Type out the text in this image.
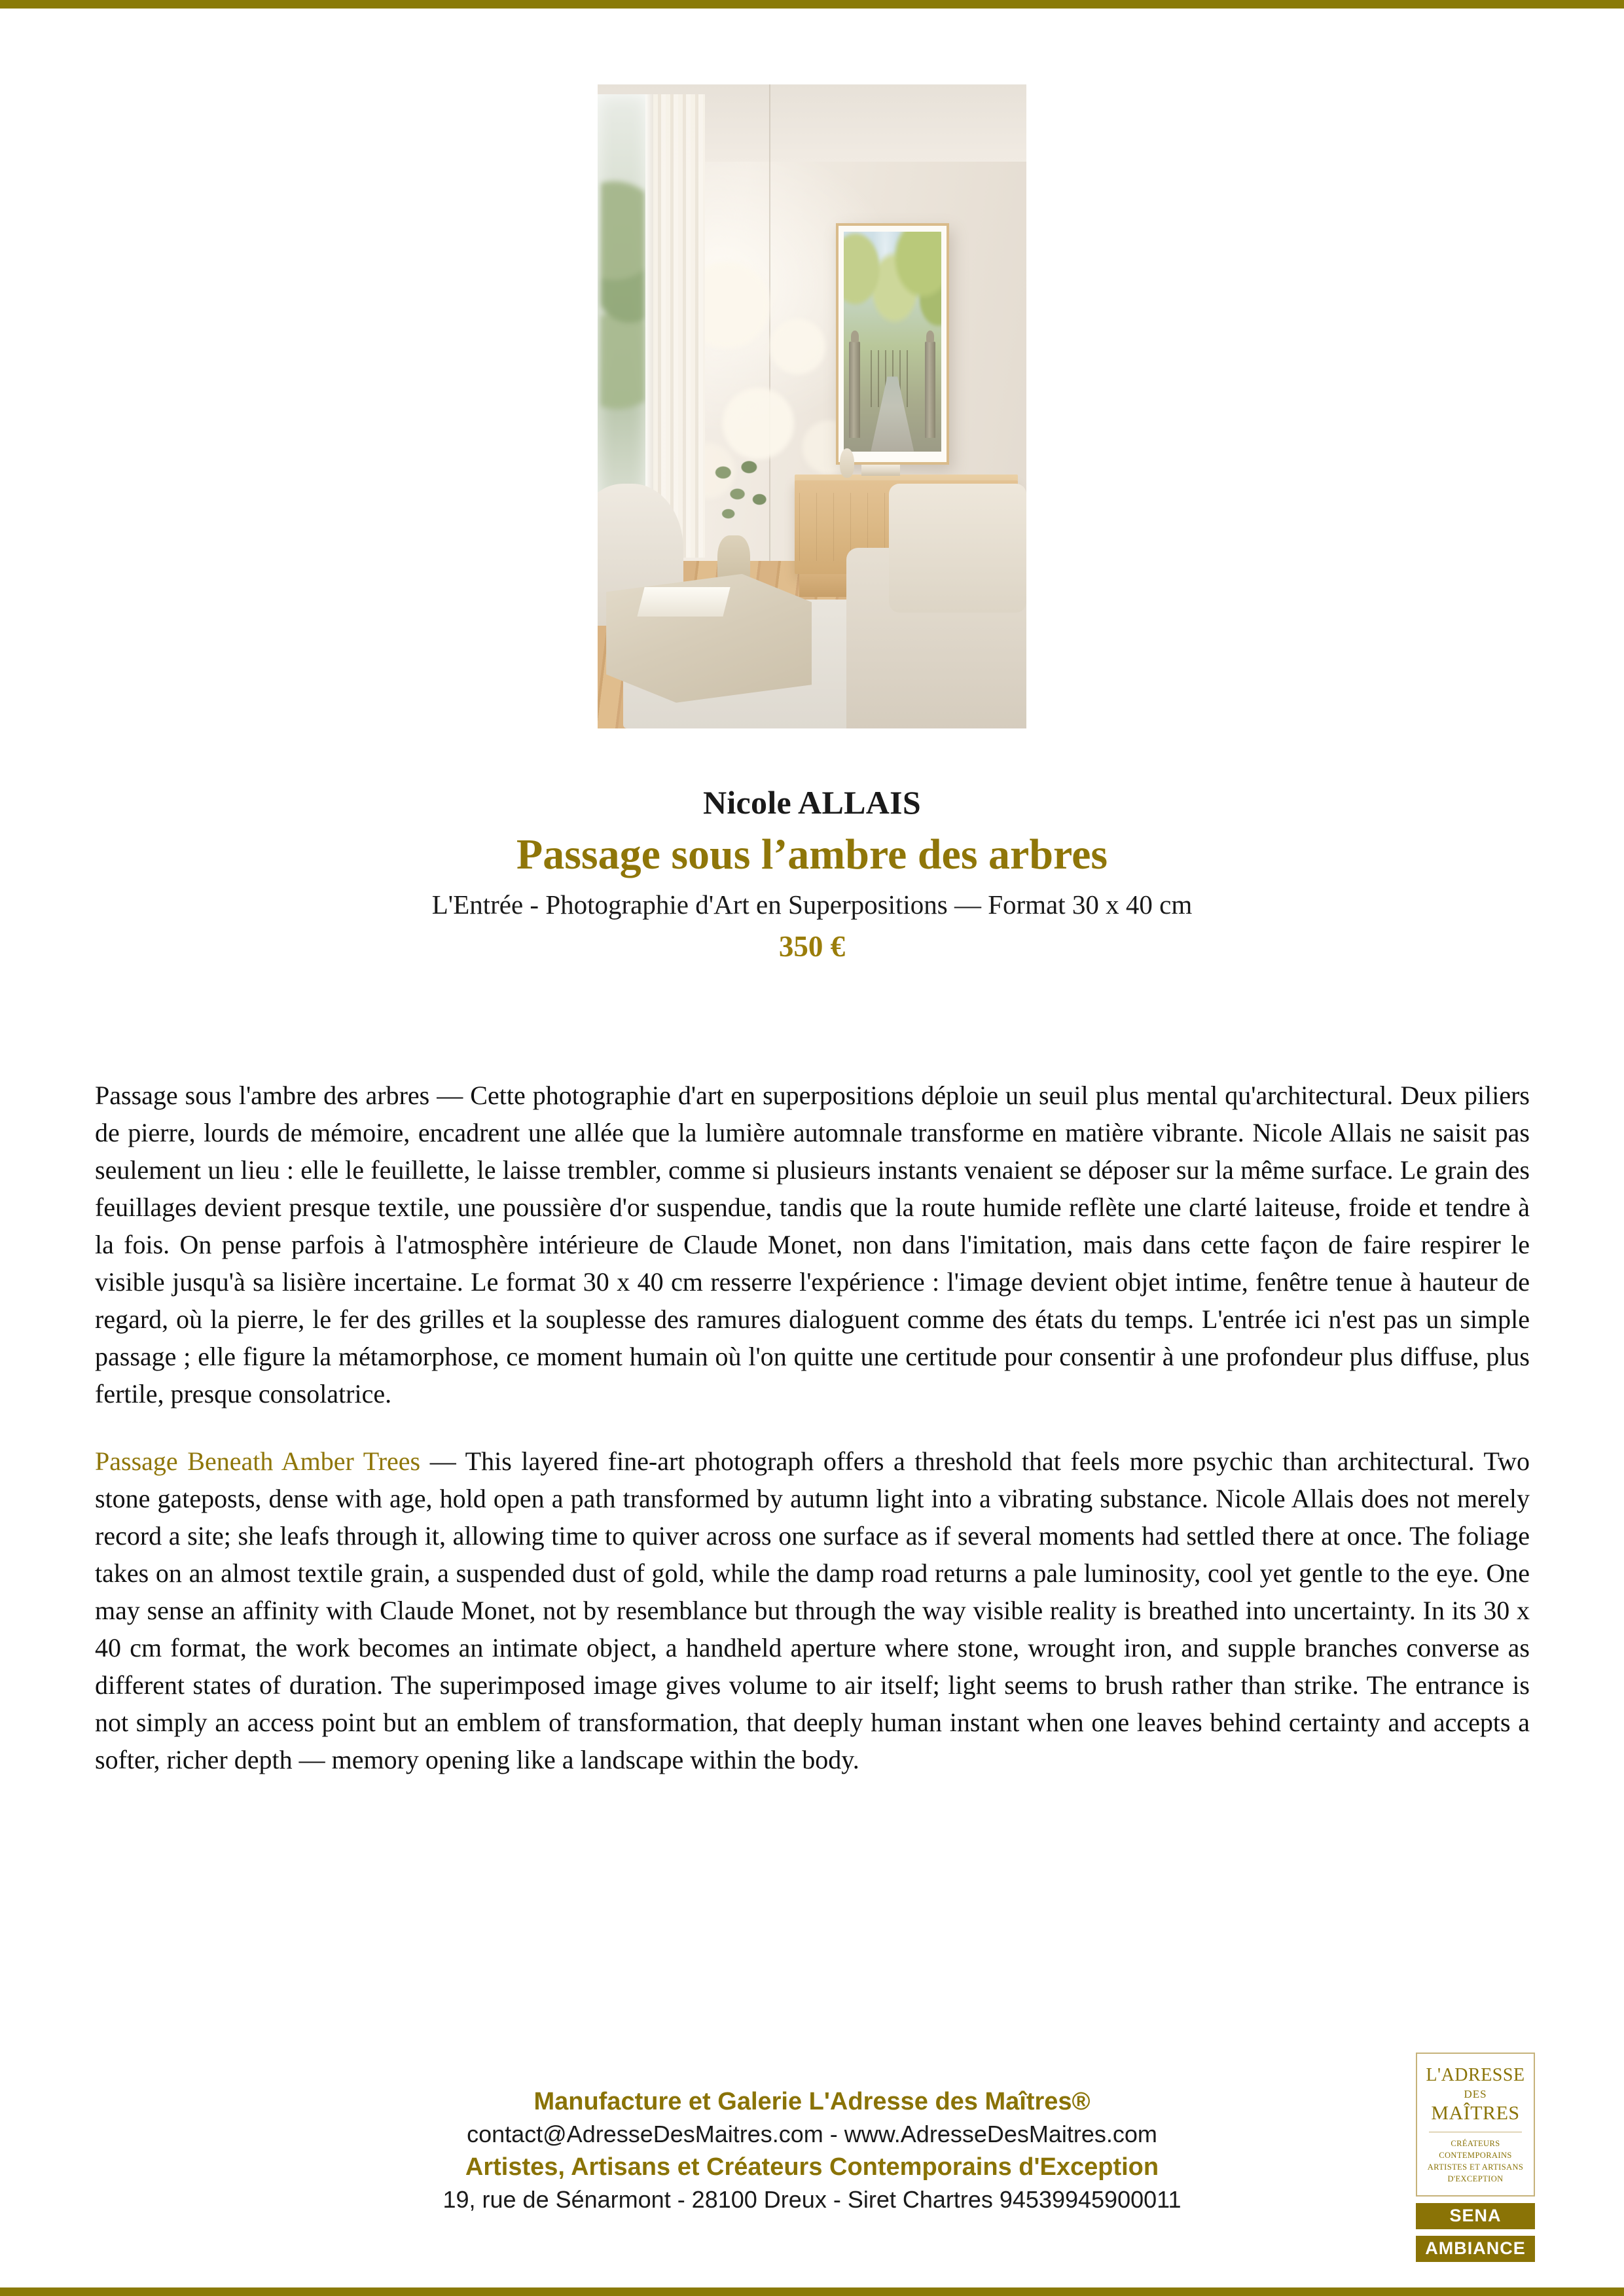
Nicole ALLAIS
Passage sous l’ambre des arbres

L'Entrée - Photographie d'Art en Superpositions — Format 30 x 40 cm

350 €

Passage sous l'ambre des arbres — Cette photographie d'art en superpositions déploie un seuil plus mental qu'architectural. Deux piliers de pierre, lourds de mémoire, encadrent une allée que la lumière automnale transforme en matière vibrante. Nicole Allais ne saisit pas seulement un lieu : elle le feuillette, le laisse trembler, comme si plusieurs instants venaient se déposer sur la même surface. Le grain des feuillages devient presque textile, une poussière d'or suspendue, tandis que la route humide reflète une clarté laiteuse, froide et tendre à la fois. On pense parfois à l'atmosphère intérieure de Claude Monet, non dans l'imitation, mais dans cette façon de faire respirer le visible jusqu'à sa lisière incertaine. Le format 30 x 40 cm resserre l'expérience : l'image devient objet intime, fenêtre tenue à hauteur de regard, où la pierre, le fer des grilles et la souplesse des ramures dialoguent comme des états du temps. L'entrée ici n'est pas un simple passage ; elle figure la métamorphose, ce moment humain où l'on quitte une certitude pour consentir à une profondeur plus diffuse, plus fertile, presque consolatrice.

Passage Beneath Amber Trees — This layered fine-art photograph offers a threshold that feels more psychic than architectural. Two stone gateposts, dense with age, hold open a path transformed by autumn light into a vibrating substance. Nicole Allais does not merely record a site; she leafs through it, allowing time to quiver across one surface as if several moments had settled there at once. The foliage takes on an almost textile grain, a suspended dust of gold, while the damp road returns a pale luminosity, cool yet gentle to the eye. One may sense an affinity with Claude Monet, not by resemblance but through the way visible reality is breathed into uncertainty. In its 30 x 40 cm format, the work becomes an intimate object, a handheld aperture where stone, wrought iron, and supple branches converse as different states of duration. The superimposed image gives volume to air itself; light seems to brush rather than strike. The entrance is not simply an access point but an emblem of transformation, that deeply human instant when one leaves behind certainty and accepts a softer, richer depth — memory opening like a landscape within the body.

Manufacture et Galerie L'Adresse des Maîtres®

contact@AdresseDesMaitres.com - www.AdresseDesMaitres.com

Artistes, Artisans et Créateurs Contemporains d'Exception

19, rue de Sénarmont - 28100 Dreux - Siret Chartres 94539945900011

L'ADRESSE

DES

MAÎTRES

CRÉATEURS CONTEMPORAINS

ARTISTES ET ARTISANS

D'EXCEPTION

SENA
AMBIANCE
